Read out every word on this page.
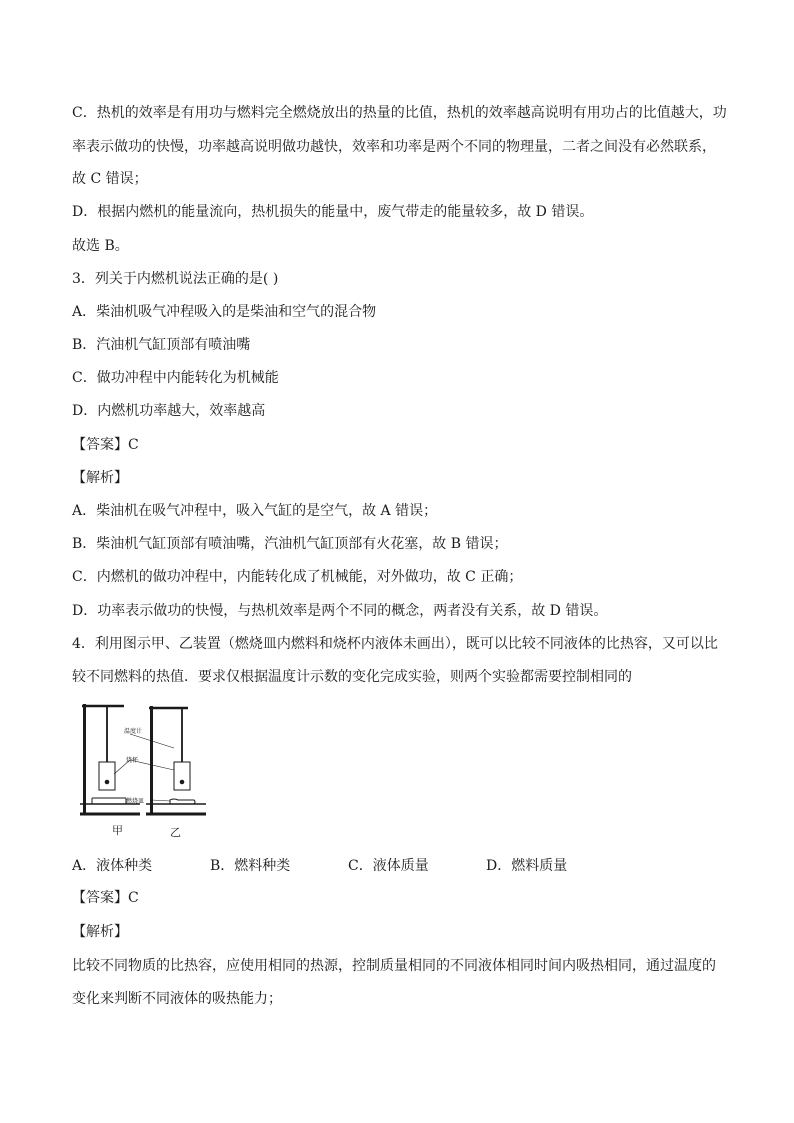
C．热机的效率是有用功与燃料完全燃烧放出的热量的比值，热机的效率越高说明有用功占的比值越大，功
率表示做功的快慢，功率越高说明做功越快，效率和功率是两个不同的物理量，二者之间没有必然联系，
故 C 错误；
D．根据内燃机的能量流向，热机损失的能量中，废气带走的能量较多，故 D 错误。
故选 B。
3．列关于内燃机说法正确的是( )
A．柴油机吸气冲程吸入的是柴油和空气的混合物
B．汽油机气缸顶部有喷油嘴
C．做功冲程中内能转化为机械能
D．内燃机功率越大，效率越高
【答案】C
【解析】
A．柴油机在吸气冲程中，吸入气缸的是空气，故 A 错误；
B．柴油机气缸顶部有喷油嘴，汽油机气缸顶部有火花塞，故 B 错误；
C．内燃机的做功冲程中，内能转化成了机械能，对外做功，故 C 正确；
D．功率表示做功的快慢，与热机效率是两个不同的概念，两者没有关系，故 D 错误。
4．利用图示甲、乙装置（燃烧皿内燃料和烧杯内液体未画出），既可以比较不同液体的比热容，又可以比
较不同燃料的热值．要求仅根据温度计示数的变化完成实验，则两个实验都需要控制相同的
温度计
烧杯
燃烧皿
甲	乙
A．液体种类	B．燃料种类	C．液体质量	D．燃料质量
【答案】C
【解析】
比较不同物质的比热容，应使用相同的热源，控制质量相同的不同液体相同时间内吸热相同，通过温度的
变化来判断不同液体的吸热能力；
